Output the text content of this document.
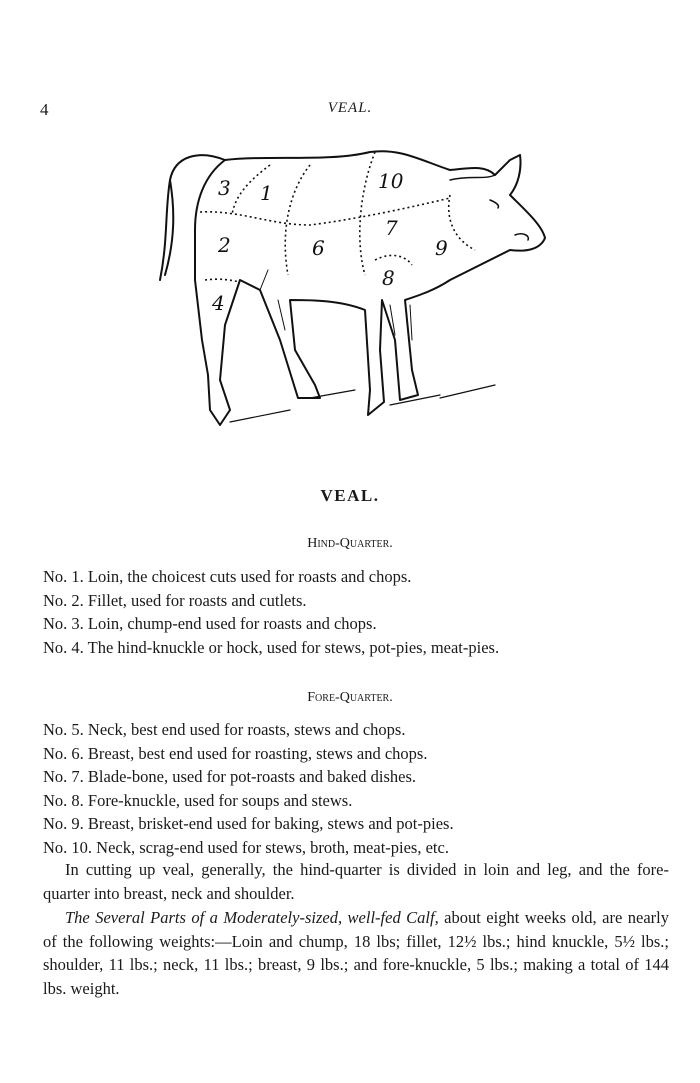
4	VEAL.
3 1	10
2	6
7
9
8
4
VEAL.
Hind-Quarter.
No. 1. Loin, the choicest cuts used for roasts and chops.
No. 2. Fillet, used for roasts and cutlets.
No. 3. Loin, chump-end used for roasts and chops.
No. 4. The hind-knuckle or hock, used for stews, pot-pies, meat-pies.
Fore-Quarter.
No. 5. Neck, best end used for roasts, stews and chops.
No. 6. Breast, best end used for roasting, stews and chops.
No. 7. Blade-bone, used for pot-roasts and baked dishes.
No. 8. Fore-knuckle, used for soups and stews.
No. 9. Breast, brisket-end used for baking, stews and pot-pies.
No. 10. Neck, scrag-end used for stews, broth, meat-pies, etc.
In cutting up veal, generally, the hind-quarter is divided in loin and leg, and the fore-quarter into breast, neck and shoulder.
The Several Parts of a Moderately-sized, well-fed Calf, about eight weeks old, are nearly of the following weights:—Loin and chump, 18 lbs; fillet, 12½ lbs.; hind knuckle, 5½ lbs.; shoulder, 11 lbs.; neck, 11 lbs.; breast, 9 lbs.; and fore-knuckle, 5 lbs.; making a total of 144 lbs. weight.
